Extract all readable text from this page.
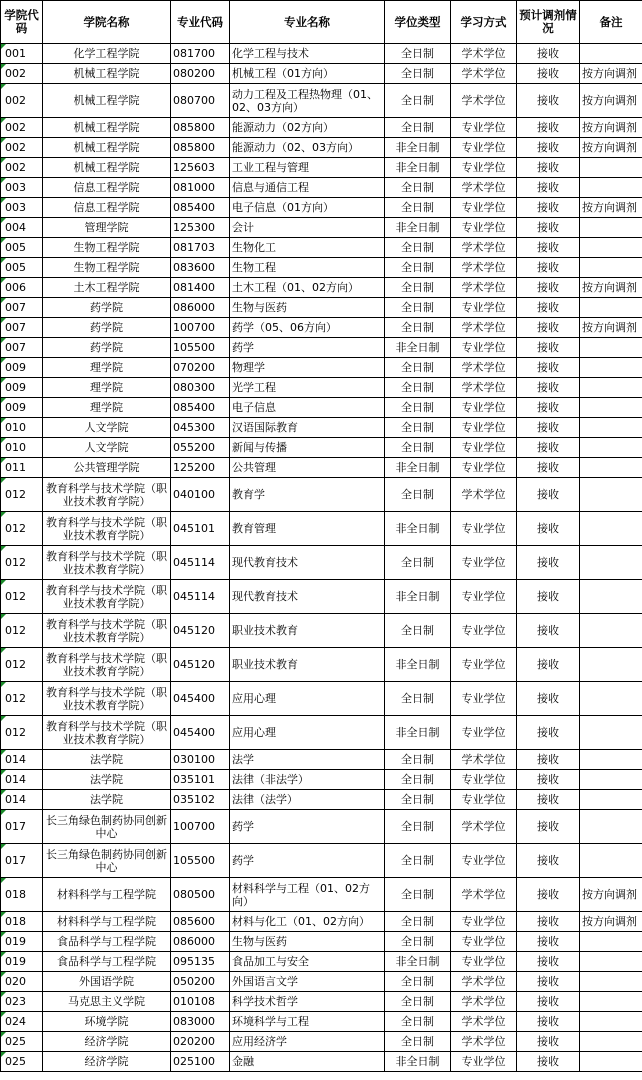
学院代码	学院名称	专业代码	专业名称	学位类型	学习方式	预计调剂情况	备注
001	化学工程学院	081700	化学工程与技术	全日制	学术学位	接收	
002	机械工程学院	080200	机械工程（01方向）	全日制	学术学位	接收	按方向调剂
002	机械工程学院	080700	动力工程及工程热物理（01、02、03方向）	全日制	学术学位	接收	按方向调剂
002	机械工程学院	085800	能源动力（02方向）	全日制	专业学位	接收	按方向调剂
002	机械工程学院	085800	能源动力（02、03方向）	非全日制	专业学位	接收	按方向调剂
002	机械工程学院	125603	工业工程与管理	非全日制	专业学位	接收	
003	信息工程学院	081000	信息与通信工程	全日制	学术学位	接收	
003	信息工程学院	085400	电子信息（01方向）	全日制	专业学位	接收	按方向调剂
004	管理学院	125300	会计	非全日制	专业学位	接收	
005	生物工程学院	081703	生物化工	全日制	学术学位	接收	
005	生物工程学院	083600	生物工程	全日制	学术学位	接收	
006	土木工程学院	081400	土木工程（01、02方向）	全日制	学术学位	接收	按方向调剂
007	药学院	086000	生物与医药	全日制	专业学位	接收	
007	药学院	100700	药学（05、06方向）	全日制	学术学位	接收	按方向调剂
007	药学院	105500	药学	非全日制	专业学位	接收	
009	理学院	070200	物理学	全日制	学术学位	接收	
009	理学院	080300	光学工程	全日制	学术学位	接收	
009	理学院	085400	电子信息	全日制	专业学位	接收	
010	人文学院	045300	汉语国际教育	全日制	专业学位	接收	
010	人文学院	055200	新闻与传播	全日制	专业学位	接收	
011	公共管理学院	125200	公共管理	非全日制	专业学位	接收	
012	教育科学与技术学院（职业技术教育学院）	040100	教育学	全日制	学术学位	接收	
012	教育科学与技术学院（职业技术教育学院）	045101	教育管理	非全日制	专业学位	接收	
012	教育科学与技术学院（职业技术教育学院）	045114	现代教育技术	全日制	专业学位	接收	
012	教育科学与技术学院（职业技术教育学院）	045114	现代教育技术	非全日制	专业学位	接收	
012	教育科学与技术学院（职业技术教育学院）	045120	职业技术教育	全日制	专业学位	接收	
012	教育科学与技术学院（职业技术教育学院）	045120	职业技术教育	非全日制	专业学位	接收	
012	教育科学与技术学院（职业技术教育学院）	045400	应用心理	全日制	专业学位	接收	
012	教育科学与技术学院（职业技术教育学院）	045400	应用心理	非全日制	专业学位	接收	
014	法学院	030100	法学	全日制	学术学位	接收	
014	法学院	035101	法律（非法学）	全日制	专业学位	接收	
014	法学院	035102	法律（法学）	全日制	专业学位	接收	
017	长三角绿色制药协同创新中心	100700	药学	全日制	学术学位	接收	
017	长三角绿色制药协同创新中心	105500	药学	全日制	专业学位	接收	
018	材料科学与工程学院	080500	材料科学与工程（01、02方向）	全日制	学术学位	接收	按方向调剂
018	材料科学与工程学院	085600	材料与化工（01、02方向）	全日制	专业学位	接收	按方向调剂
019	食品科学与工程学院	086000	生物与医药	全日制	专业学位	接收	
019	食品科学与工程学院	095135	食品加工与安全	非全日制	专业学位	接收	
020	外国语学院	050200	外国语言文学	全日制	学术学位	接收	
023	马克思主义学院	010108	科学技术哲学	全日制	学术学位	接收	
024	环境学院	083000	环境科学与工程	全日制	学术学位	接收	
025	经济学院	020200	应用经济学	全日制	学术学位	接收	
025	经济学院	025100	金融	非全日制	专业学位	接收	
